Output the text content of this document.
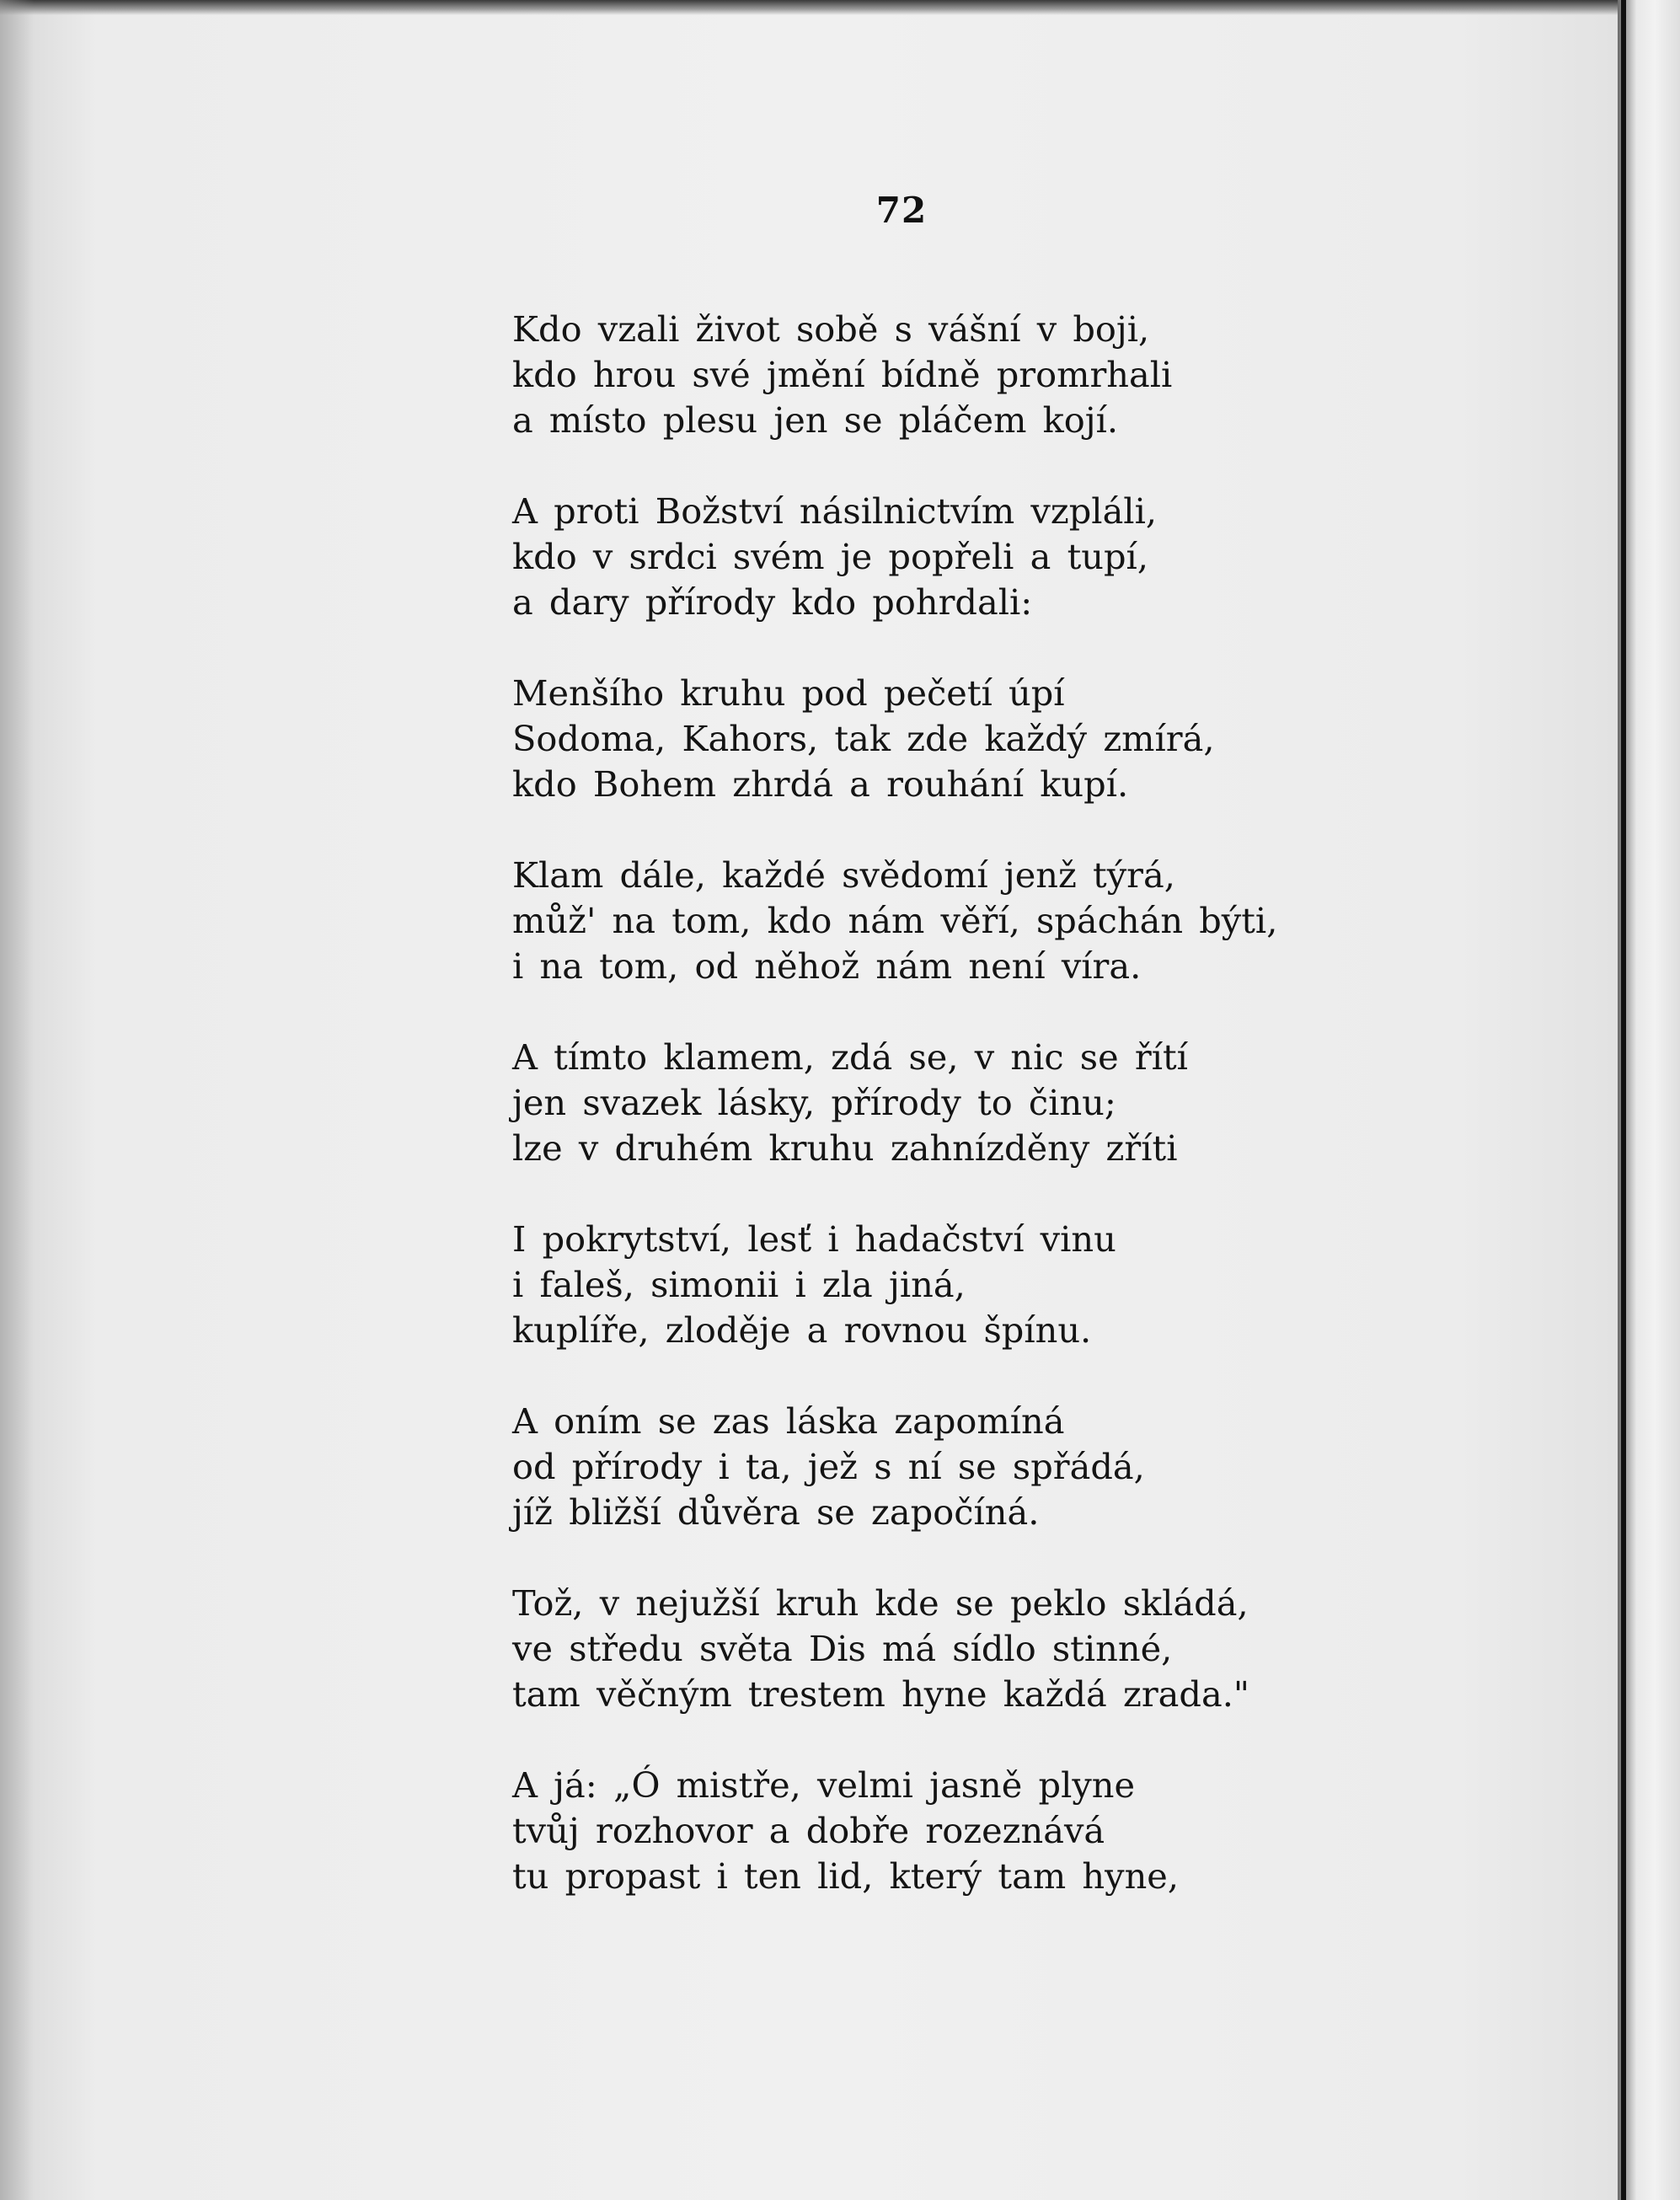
72
Kdo vzali život sobě s vášní v boji,
kdo hrou své jmění bídně promrhali
a místo plesu jen se pláčem kojí.
A proti Božství násilnictvím vzpláli,
kdo v srdci svém je popřeli a tupí,
a dary přírody kdo pohrdali:
Menšího kruhu pod pečetí úpí
Sodoma, Kahors, tak zde každý zmírá,
kdo Bohem zhrdá a rouhání kupí.
Klam dále, každé svědomí jenž týrá,
můž' na tom, kdo nám věří, spáchán býti,
i na tom, od něhož nám není víra.
A tímto klamem, zdá se, v nic se řítí
jen svazek lásky, přírody to činu;
lze v druhém kruhu zahnízděny zříti
I pokrytství, lesť i hadačství vinu
i faleš, simonii i zla jiná,
kuplíře, zloděje a rovnou špínu.
A oním se zas láska zapomíná
od přírody i ta, jež s ní se spřádá,
jíž bližší důvěra se započíná.
Tož, v nejužší kruh kde se peklo skládá,
ve středu světa Dis má sídlo stinné,
tam věčným trestem hyne každá zrada."
A já: „Ó mistře, velmi jasně plyne
tvůj rozhovor a dobře rozeznává
tu propast i ten lid, který tam hyne,
